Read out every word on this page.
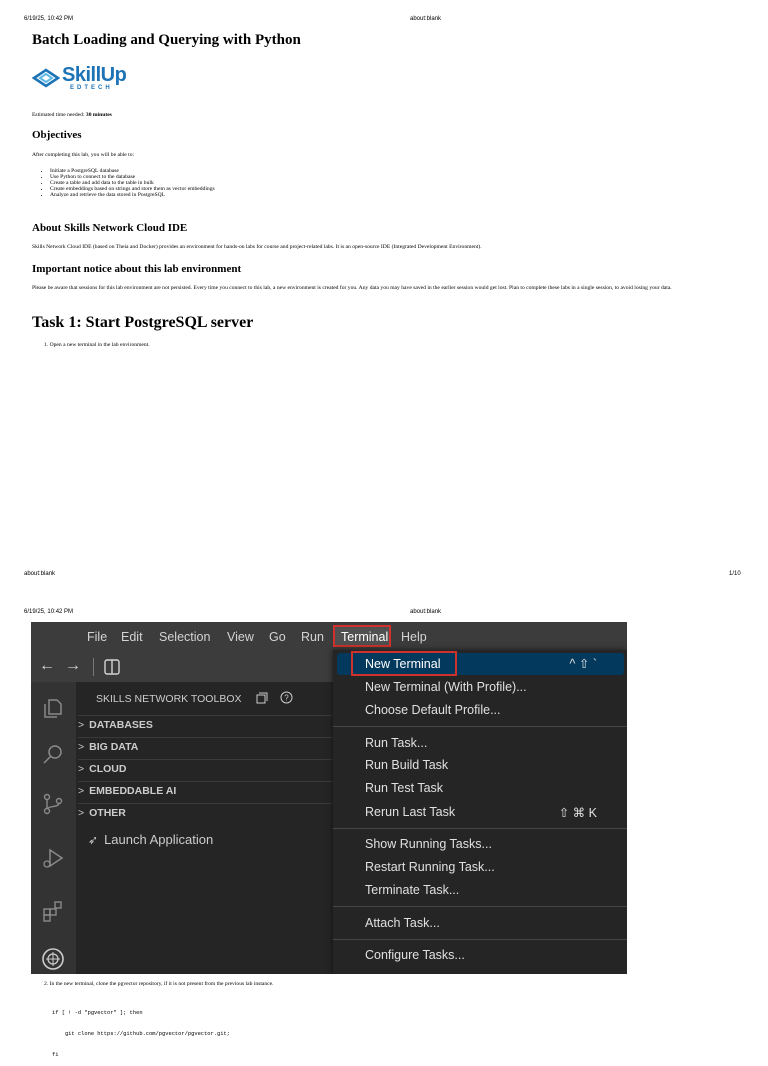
6/19/25, 10:42 PM	about:blank
Batch Loading and Querying with Python
SkillUp
EDTECH
Estimated time needed: 30 minutes
Objectives
After completing this lab, you will be able to:
• Initiate a PostgreSQL database
• Use Python to connect to the database
• Create a table and add data to the table in bulk
• Create embeddings based on strings and store them as vector embeddings
• Analyze and retrieve the data stored in PostgreSQL
About Skills Network Cloud IDE
Skills Network Cloud IDE (based on Theia and Docker) provides an environment for hands-on labs for course and project-related labs. It is an open-source IDE (Integrated Development Environment).
Important notice about this lab environment
Please be aware that sessions for this lab environment are not persisted. Every time you connect to this lab, a new environment is created for you. Any data you may have saved in the earlier session would get lost. Plan to complete these labs in a single session, to avoid losing your data.
Task 1: Start PostgreSQL server
1. Open a new terminal in the lab environment.
about:blank	1/10
6/19/25, 10:42 PM	about:blank
File Edit Selection View Go Run Terminal Help
← →
SKILLS NETWORK TOOLBOX	?
> DATABASES
> BIG DATA
> CLOUD
> EMBEDDABLE AI
> OTHER
➶ Launch Application
New Terminal	^ ⇧ `
New Terminal (With Profile)...
Choose Default Profile...
Run Task...
Run Build Task
Run Test Task
Rerun Last Task	⇧ ⌘ K
Show Running Tasks...
Restart Running Task...
Terminate Task...
Attach Task...
Configure Tasks...
2. In the new terminal, clone the pgvector repository, if it is not present from the previous lab instance.

if [ ! -d "pgvector" ]; then

git clone https://github.com/pgvector/pgvector.git;

fi
